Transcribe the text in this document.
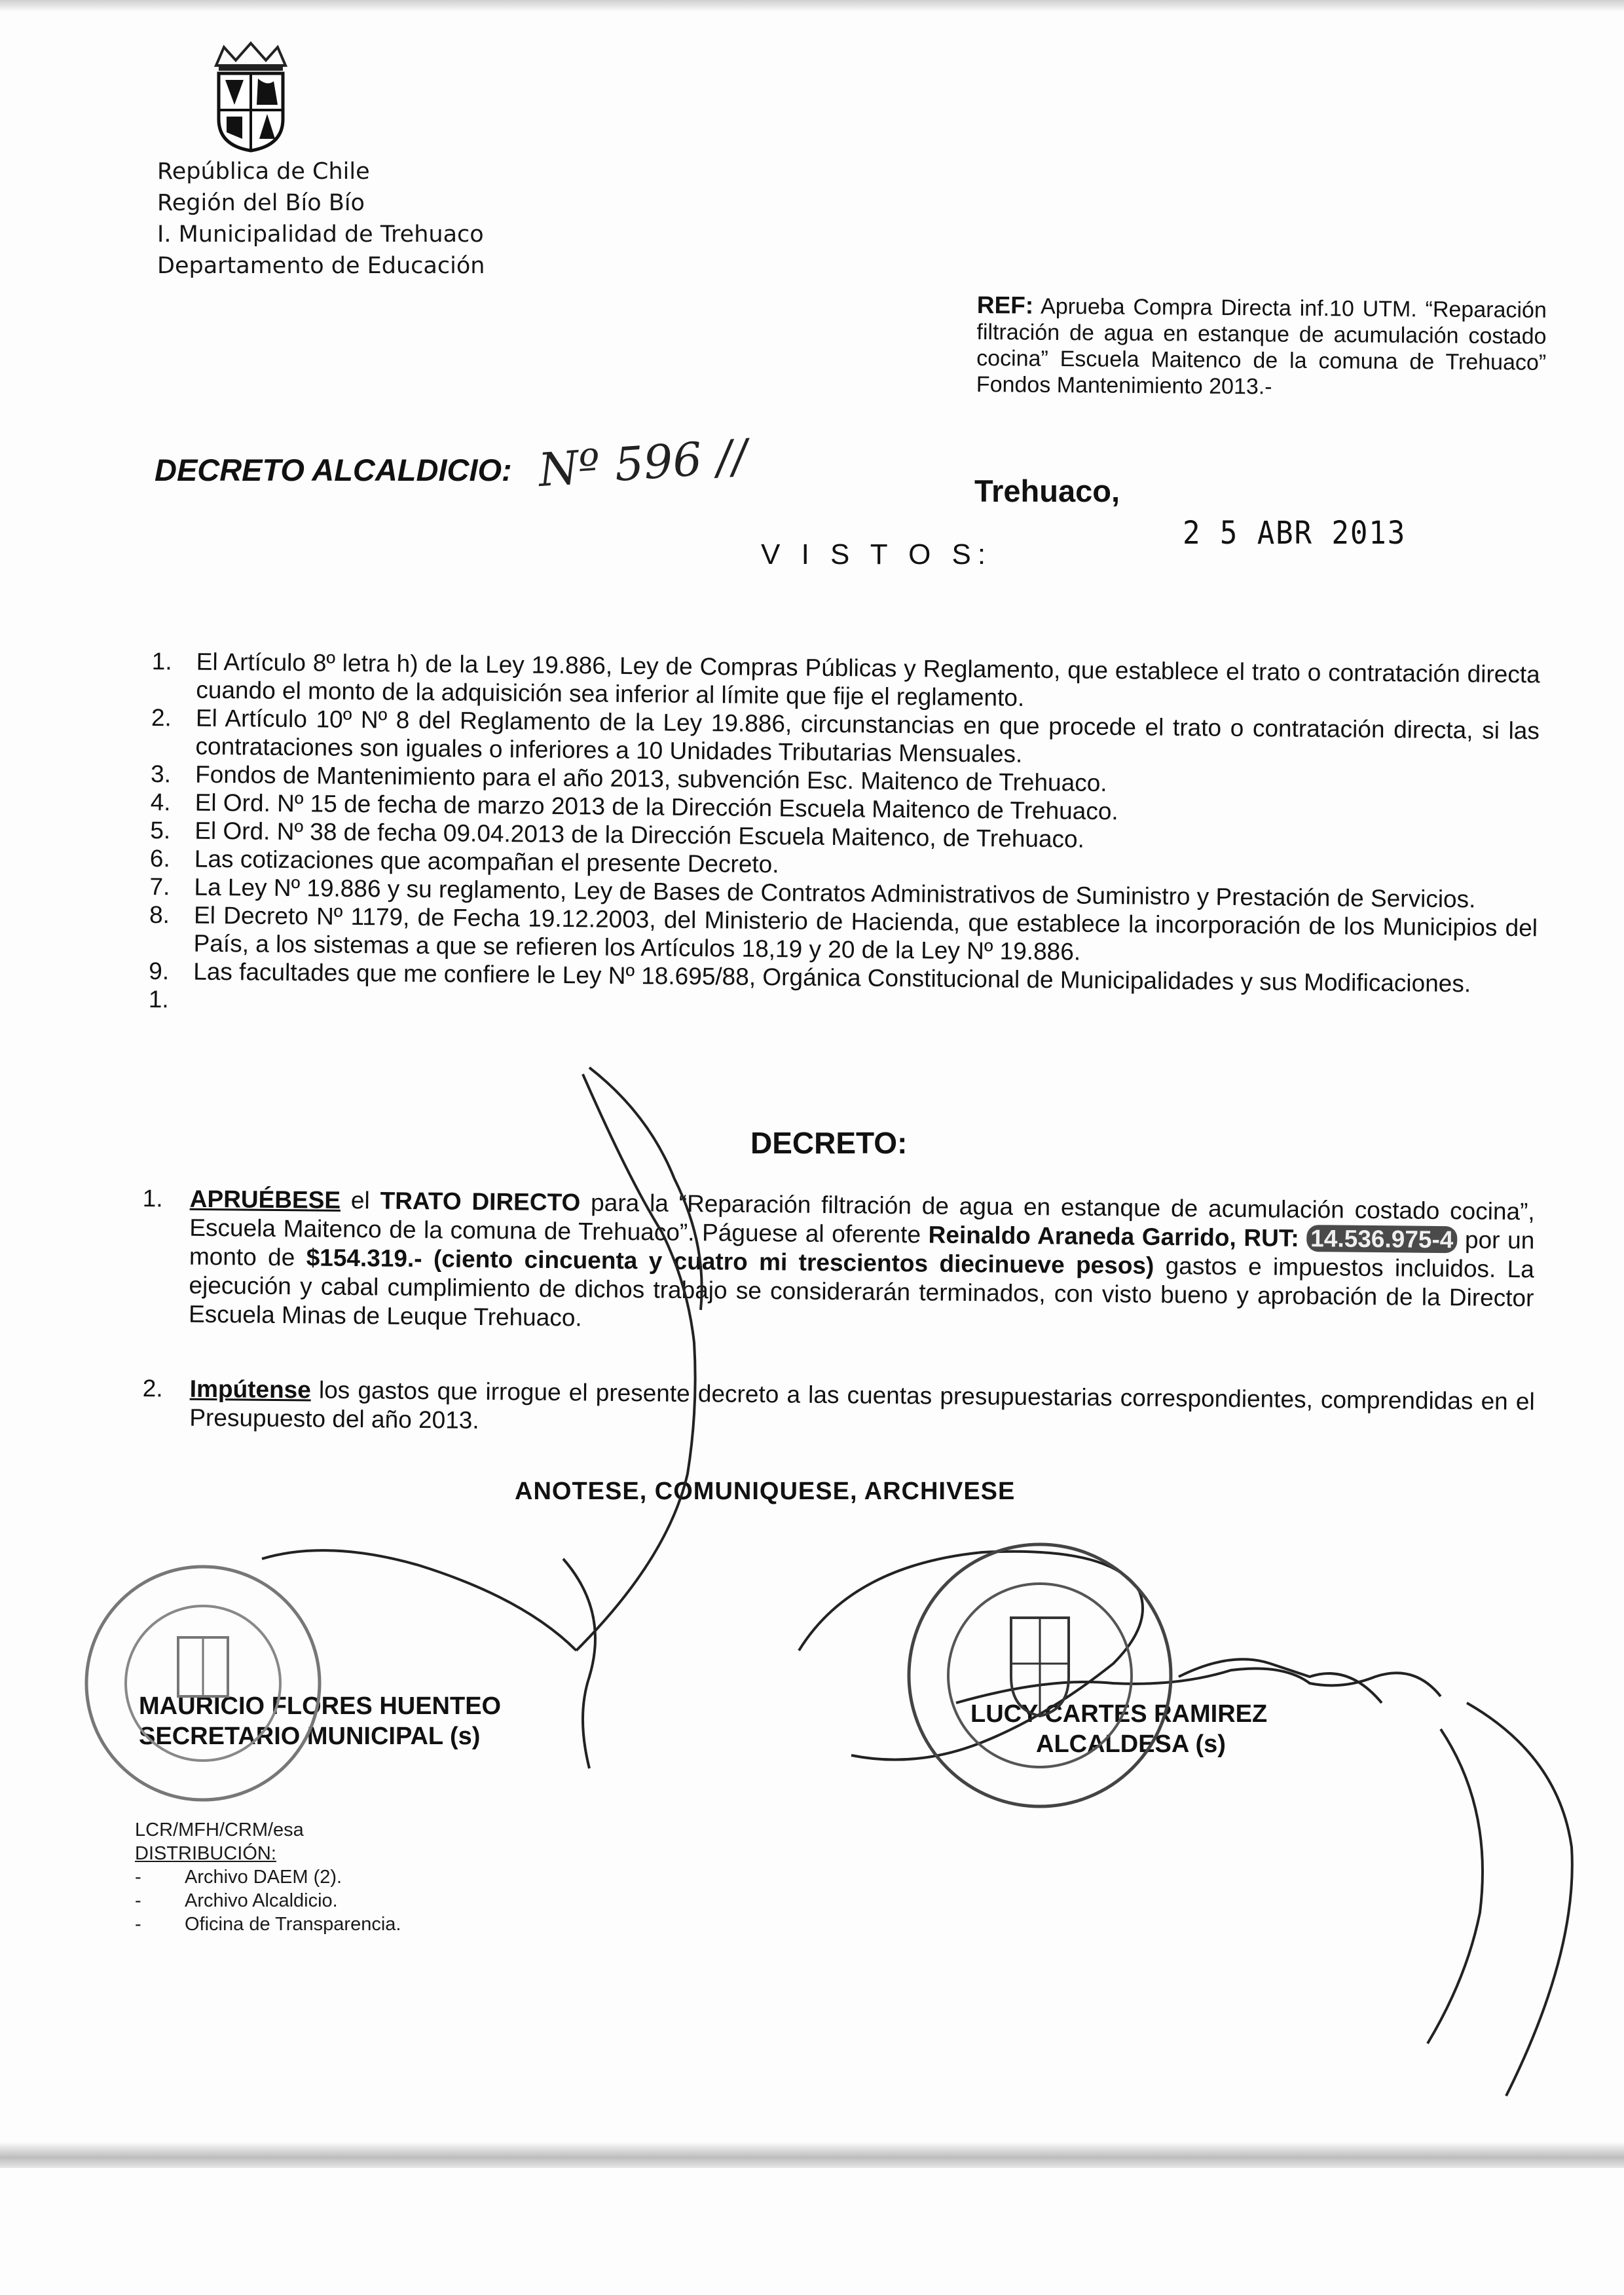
República de Chile
Región del Bío Bío
I. Municipalidad de Trehuaco
Departamento de Educación
REF: Aprueba Compra Directa inf.10 UTM. “Reparación filtración de agua en estanque de acumulación costado cocina” Escuela Maitenco de la comuna de Trehuaco” Fondos Mantenimiento 2013.-
DECRETO ALCALDICIO: Nº 596 //	Trehuaco,
2 5 ABR 2013
V I S T O S:
1. El Artículo 8º letra h) de la Ley 19.886, Ley de Compras Públicas y Reglamento, que establece el trato o contratación directa cuando el monto de la adquisición sea inferior al límite que fije el reglamento.
2. El Artículo 10º Nº 8 del Reglamento de la Ley 19.886, circunstancias en que procede el trato o contratación directa, si las contrataciones son iguales o inferiores a 10 Unidades Tributarias Mensuales.
3. Fondos de Mantenimiento para el año 2013, subvención Esc. Maitenco de Trehuaco.
4. El Ord. Nº 15 de fecha de marzo 2013 de la Dirección Escuela Maitenco de Trehuaco.
5. El Ord. Nº 38 de fecha 09.04.2013 de la Dirección Escuela Maitenco, de Trehuaco.
6. Las cotizaciones que acompañan el presente Decreto.
7. La Ley Nº 19.886 y su reglamento, Ley de Bases de Contratos Administrativos de Suministro y Prestación de Servicios.
8. El Decreto Nº 1179, de Fecha 19.12.2003, del Ministerio de Hacienda, que establece la incorporación de los Municipios del País, a los sistemas a que se refieren los Artículos 18,19 y 20 de la Ley Nº 19.886.
9. Las facultades que me confiere le Ley Nº 18.695/88, Orgánica Constitucional de Municipalidades y sus Modificaciones.
1.

DECRETO:
1.	APRUÉBESE el TRATO DIRECTO para la “Reparación filtración de agua en estanque de acumulación costado cocina”, Escuela Maitenco de la comuna de Trehuaco”. Páguese al oferente Reinaldo Araneda Garrido, RUT: 14.536.975-4 por un monto de $154.319.- (ciento cincuenta y cuatro mi trescientos diecinueve pesos) gastos e impuestos incluidos. La ejecución y cabal cumplimiento de dichos trabajo se considerarán terminados, con visto bueno y aprobación de la Director Escuela Minas de Leuque Trehuaco.
2.	Impútense los gastos que irrogue el presente decreto a las cuentas presupuestarias correspondientes, comprendidas en el Presupuesto del año 2013.
ANOTESE, COMUNIQUESE, ARCHIVESE
MAURICIO FLORES HUENTEO
SECRETARIO MUNICIPAL (s)
LUCY CARTES RAMIREZ
ALCALDESA (s)
LCR/MFH/CRM/esa
DISTRIBUCIÓN:
- Archivo DAEM (2).
- Archivo Alcaldicio.
- Oficina de Transparencia.
